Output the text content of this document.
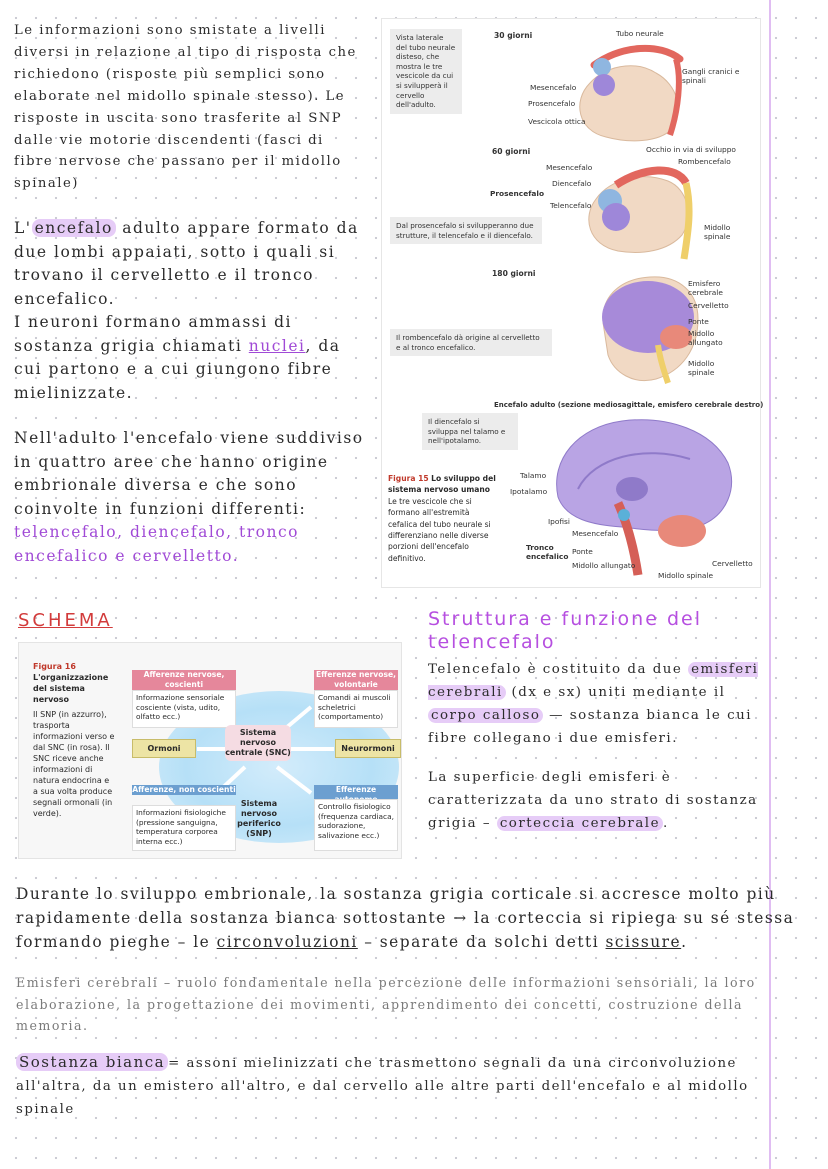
Le informazioni sono smistate a livelli diversi in relazione al tipo di risposta che richiedono (risposte più semplici sono elaborate nel midollo spinale stesso). Le risposte in uscita sono trasferite al SNP dalle vie motorie discendenti (fasci di fibre nervose che passano per il midollo spinale)

L' encefalo adulto appare formato da due lombi appaiati, sotto i quali si trovano il cervelletto e il tronco encefalico.

I neuroni formano ammassi di sostanza grigia chiamati nuclei, da cui partono e a cui giungono fibre mielinizzate.

Nell'adulto l'encefalo viene suddiviso in quattro aree che hanno origine embrionale diversa e che sono coinvolte in funzioni differenti: telencefalo, diencefalo, tronco encefalico e cervelletto.

Vista laterale del tubo neurale disteso, che mostra le tre vescicole da cui si svilupperà il cervello dell'adulto.
Dal prosencefalo si svilupperanno due strutture, il telencefalo e il diencefalo.
Il rombencefalo dà origine al cervelletto e al tronco encefalico.
Il diencefalo si sviluppa nel talamo e nell'ipotalamo.
30 giorni
60 giorni
180 giorni
Encefalo adulto (sezione mediosagittale, emisfero cerebrale destro)
Tubo neurale
Gangli cranici e spinali
Mesencefalo
Prosencefalo
Vescicola ottica
Occhio in via di sviluppo
Rombencefalo
Mesencefalo
Diencefalo
Prosencefalo
Telencefalo
Midollo spinale
Emisfero cerebrale
Cervelletto
Ponte
Midollo allungato
Midollo spinale
Talamo
Ipotalamo
Ipofisi
Tronco encefalico
Mesencefalo
Ponte
Midollo allungato	Cervelletto
Midollo spinale
Figura 15 Lo sviluppo del sistema nervoso umano
Le tre vescicole che si formano all'estremità cefalica del tubo neurale si differenziano nelle diverse porzioni dell'encefalo definitivo.
SCHEMA
Figura 16
L'organizzazione del sistema nervoso
Il SNP (in azzurro), trasporta informazioni verso e dal SNC (in rosa). Il SNC riceve anche informazioni di natura endocrina e a sua volta produce segnali ormonali (in verde).
Afferenze nervose, coscienti
Informazione sensoriale cosciente (vista, udito, olfatto ecc.)
Efferenze nervose, volontarie
Comandi ai muscoli scheletrici (comportamento)
Ormoni	Neurormoni
Sistema nervoso centrale (SNC)
Sistema nervoso periferico (SNP)
Afferenze, non coscienti
Informazioni fisiologiche (pressione sanguigna, temperatura corporea interna ecc.)
Efferenze
Controllo fisiologico (frequenza cardiaca, sudorazione, salivazione ecc.)
Struttura e funzione del telencefalo

Telencefalo è costituito da due emisferi cerebrali (dx e sx) uniti mediante il corpo calloso — sostanza bianca le cui fibre collegano i due emisferi.

La superficie degli emisferi è caratterizzata da uno strato di sostanza grigia – corteccia cerebrale .

Durante lo sviluppo embrionale, la sostanza grigia corticale si accresce molto più rapidamente della sostanza bianca sottostante → la corteccia si ripiega su sé stessa formando pieghe – le circonvoluzioni – separate da solchi detti scissure.

Emisferi cerebrali – ruolo fondamentale nella percezione delle informazioni sensoriali, la loro elaborazione, la progettazione dei movimenti, apprendimento dei concetti, costruzione della memoria.

Sostanza bianca = assoni mielinizzati che trasmettono segnali da una circonvoluzione all'altra, da un emistero all'altro, e dal cervello alle altre parti dell'encefalo e al midollo spinale
